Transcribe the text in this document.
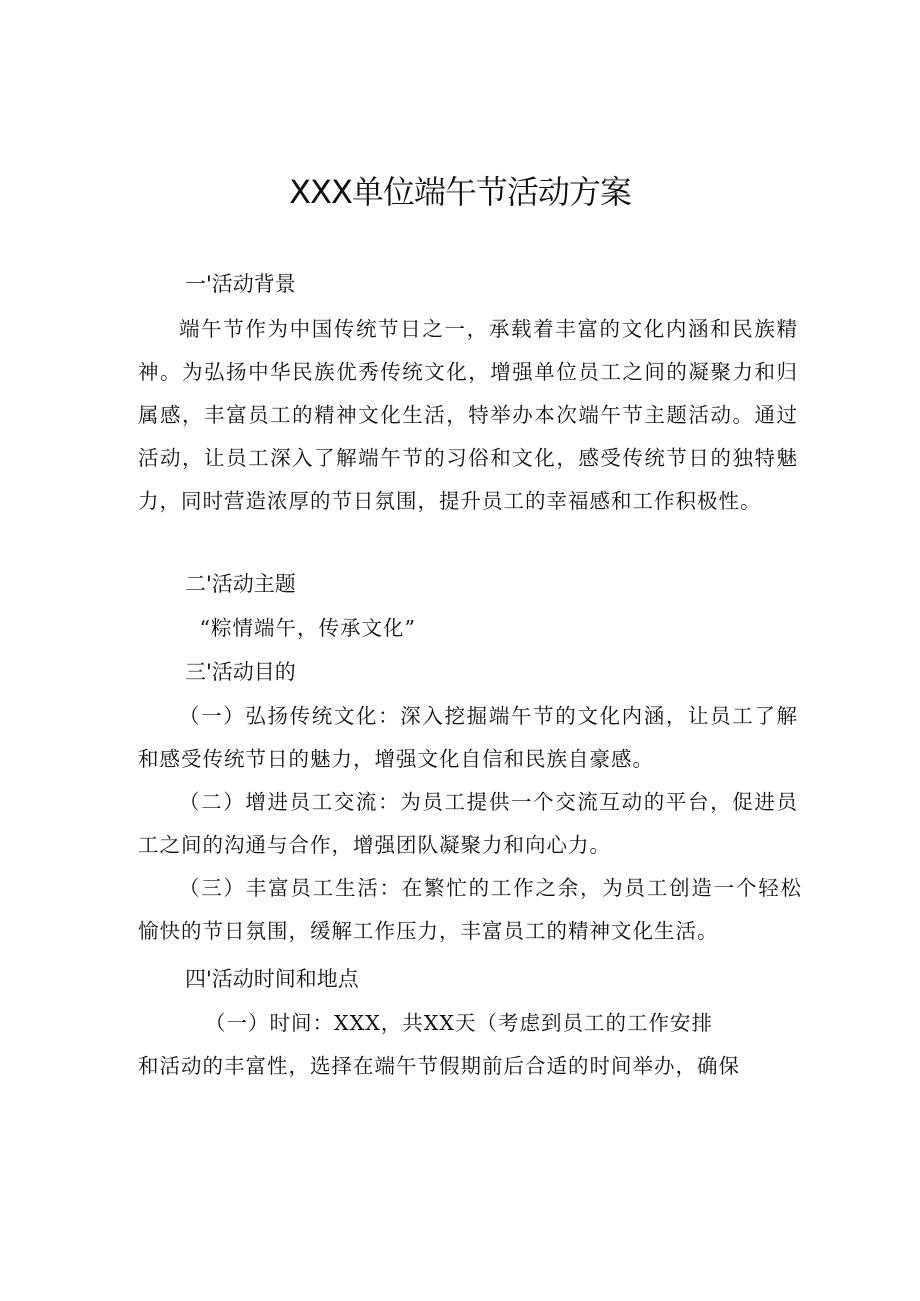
XXX单位端午节活动方案
一'活动背景
端午节作为中国传统节日之一，承载着丰富的文化内涵和民族精神。为弘扬中华民族优秀传统文化，增强单位员工之间的凝聚力和归属感，丰富员工的精神文化生活，特举办本次端午节主题活动。通过活动，让员工深入了解端午节的习俗和文化，感受传统节日的独特魅力，同时营造浓厚的节日氛围，提升员工的幸福感和工作积极性。
二'活动主题
“粽情端午，传承文化”
三'活动目的
（一）弘扬传统文化：深入挖掘端午节的文化内涵，让员工了解和感受传统节日的魅力，增强文化自信和民族自豪感。
（二）增进员工交流：为员工提供一个交流互动的平台，促进员工之间的沟通与合作，增强团队凝聚力和向心力。
（三）丰富员工生活：在繁忙的工作之余，为员工创造一个轻松愉快的节日氛围，缓解工作压力，丰富员工的精神文化生活。
四'活动时间和地点
（一）时间：XXX，共XX天（考虑到员工的工作安排
和活动的丰富性，选择在端午节假期前后合适的时间举办，确保
